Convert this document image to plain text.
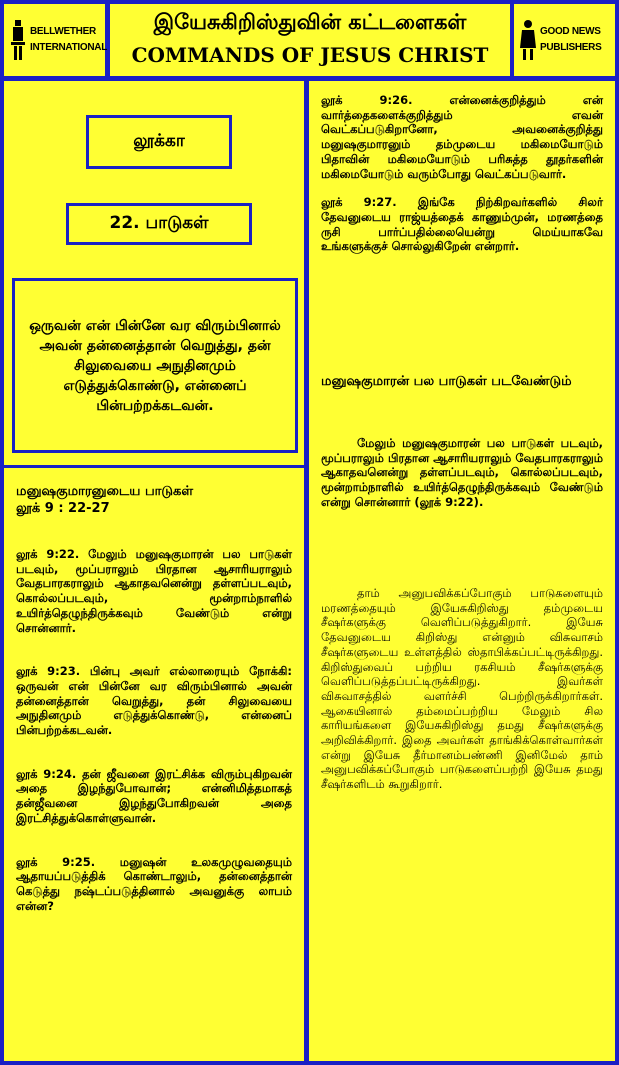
BELLWETHER
INTERNATIONAL
இயேசுகிறிஸ்துவின் கட்டளைகள்
COMMANDS OF JESUS CHRIST
GOOD NEWS
PUBLISHERS
லூக்கா
22. பாடுகள்
ஒருவன் என் பின்னே வர விரும்பினால் அவன் தன்னைத்தான் வெறுத்து, தன் சிலுவையை அநுதினமும் எடுத்துக்கொண்டு, என்னைப் பின்பற்றக்கடவன்.

மனுஷகுமாரனுடைய பாடுகள்

லூக் 9 : 22-27

லூக் 9:22. மேலும் மனுஷகுமாரன் பல பாடுகள் படவும், மூப்பராலும் பிரதான ஆசாரியராலும் வேதபாரகராலும் ஆகாதவனென்று தள்ளப்படவும், கொல்லப்படவும், மூன்றாம்நாளில் உயிர்த்தெழுந்திருக்கவும் வேண்டும் என்று சொன்னார்.

லூக் 9:23. பின்பு அவர் எல்லாரையும் நோக்கி: ஒருவன் என் பின்னே வர விரும்பினால் அவன் தன்னைத்தான் வெறுத்து, தன் சிலுவையை அநுதினமும் எடுத்துக்கொண்டு, என்னைப் பின்பற்றக்கடவன்.

லூக் 9:24. தன் ஜீவனை இரட்சிக்க விரும்புகிறவன் அதை இழந்துபோவான்; என்னிமித்தமாகத் தன்ஜீவனை இழந்துபோகிறவன் அதை இரட்சித்துக்கொள்ளுவான்.

லூக் 9:25. மனுஷன் உலகமுழுவதையும் ஆதாயப்படுத்திக் கொண்டாலும், தன்னைத்தான் கெடுத்து நஷ்டப்படுத்தினால் அவனுக்கு லாபம் என்ன?

லூக் 9:26. என்னைக்குறித்தும் என் வார்த்தைகளைக்குறித்தும் எவன் வெட்கப்படுகிறானோ, அவனைக்குறித்து மனுஷகுமாரனும் தம்முடைய மகிமையோடும் பிதாவின் மகிமையோடும் பரிசுத்த தூதர்களின் மகிமையோடும் வரும்போது வெட்கப்படுவார்.

லூக் 9:27. இங்கே நிற்கிறவர்களில் சிலர் தேவனுடைய ராஜ்யத்தைக் காணும்முன், மரணத்தை ருசி பார்ப்பதில்லையென்று மெய்யாகவே உங்களுக்குச் சொல்லுகிறேன் என்றார்.

மனுஷகுமாரன் பல பாடுகள் படவேண்டும்

மேலும் மனுஷகுமாரன் பல பாடுகள் படவும், மூப்பராலும் பிரதான ஆசாரியராலும் வேதபாரகராலும் ஆகாதவனென்று தள்ளப்படவும், கொல்லப்படவும், மூன்றாம்நாளில் உயிர்த்தெழுந்திருக்கவும் வேண்டும் என்று சொன்னார் (லூக் 9:22).

தாம் அனுபவிக்கப்போகும் பாடுகளையும் மரணத்தையும் இயேசுகிறிஸ்து தம்முடைய சீஷர்களுக்கு வெளிப்படுத்துகிறார். இயேசு தேவனுடைய கிறிஸ்து என்னும் விசுவாசம் சீஷர்களுடைய உள்ளத்தில் ஸ்தாபிக்கப்பட்டிருக்கிறது. கிறிஸ்துவைப் பற்றிய ரகசியம் சீஷர்களுக்கு வெளிப்படுத்தப்பட்டிருக்கிறது. இவர்கள் விசுவாசத்தில் வளர்ச்சி பெற்றிருக்கிறார்கள். ஆகையினால் தம்மைப்பற்றிய மேலும் சில காரியங்களை இயேசுகிறிஸ்து தமது சீஷர்களுக்கு அறிவிக்கிறார். இதை அவர்கள் தாங்கிக்கொள்வார்கள் என்று இயேசு தீர்மானம்பண்ணி இனிமேல் தாம் அனுபவிக்கப்போகும் பாடுகளைப்பற்றி இயேசு தமது சீஷர்களிடம் கூறுகிறார்.
